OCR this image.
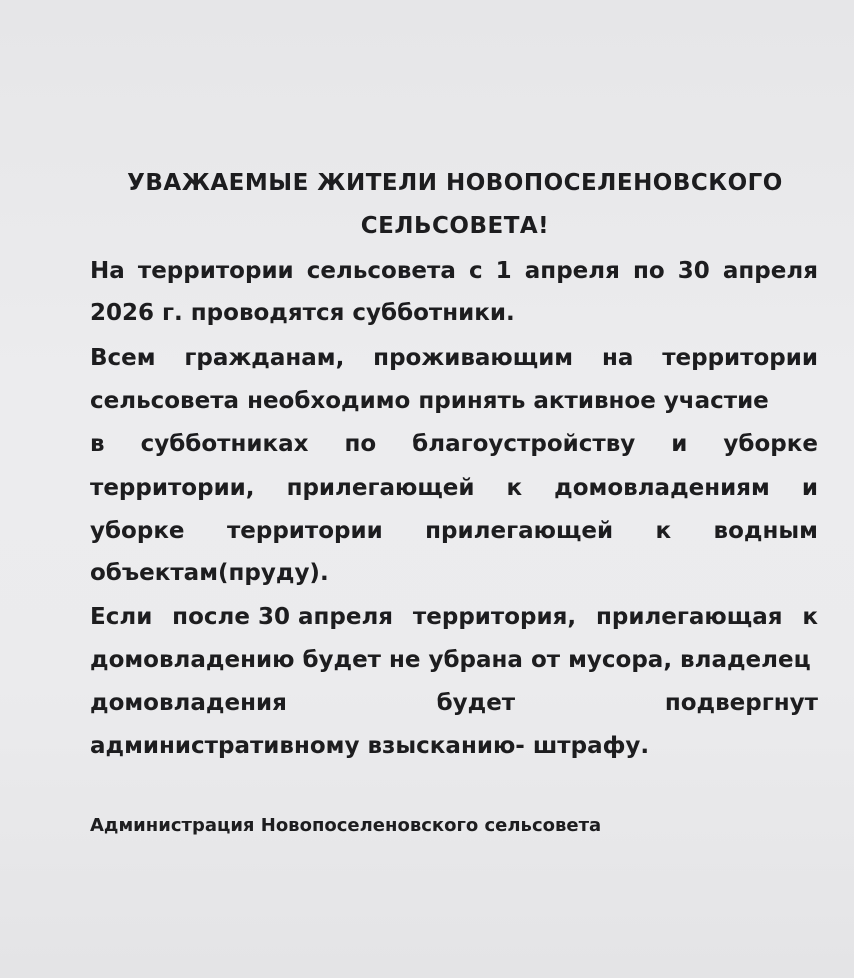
УВАЖАЕМЫЕ ЖИТЕЛИ НОВОПОСЕЛЕНОВСКОГО
СЕЛЬСОВЕТА!
На территории сельсовета с 1 апреля по 30 апреля
2026 г. проводятся субботники.
Всем гражданам, проживающим на территории
сельсовета необходимо принять активное участие
в субботниках по благоустройству и уборке
территории, прилегающей к домовладениям и
уборке территории прилегающей к водным
объектам(пруду).
Если после 30 апреля территория, прилегающая к
домовладению будет не убрана от мусора, владелец
домовладения	будет	подвергнут
административному взысканию- штрафу.
Администрация Новопоселеновского сельсовета
